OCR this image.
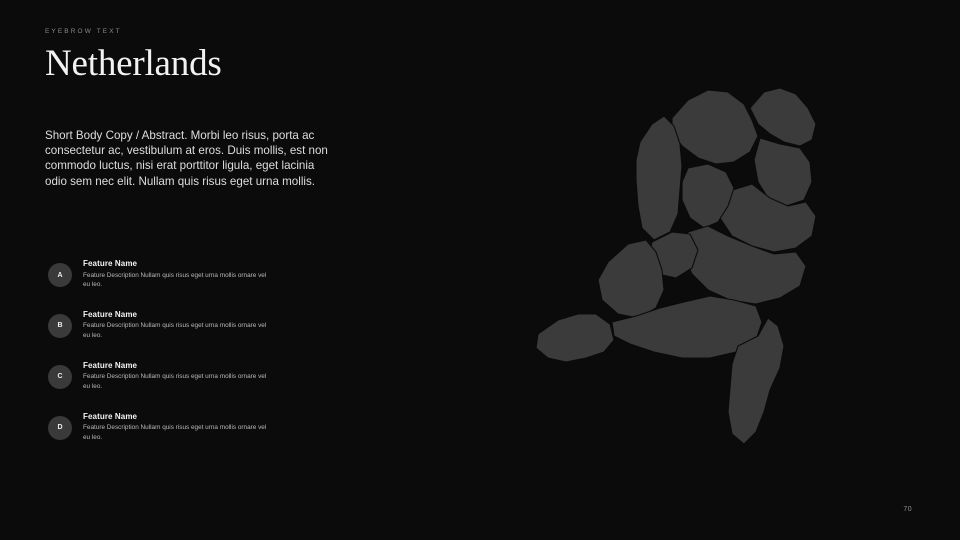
EYEBROW TEXT
Netherlands

Short Body Copy / Abstract. Morbi leo risus, porta ac consectetur ac, vestibulum at eros. Duis mollis, est non commodo luctus, nisi erat porttitor ligula, eget lacinia odio sem nec elit. Nullam quis risus eget urna mollis.

A
Feature Name
Feature Description Nullam quis risus eget urna mollis ornare vel eu leo.
B
Feature Name
Feature Description Nullam quis risus eget urna mollis ornare vel eu leo.
C
Feature Name
Feature Description Nullam quis risus eget urna mollis ornare vel eu leo.
D
Feature Name
Feature Description Nullam quis risus eget urna mollis ornare vel eu leo.
70
